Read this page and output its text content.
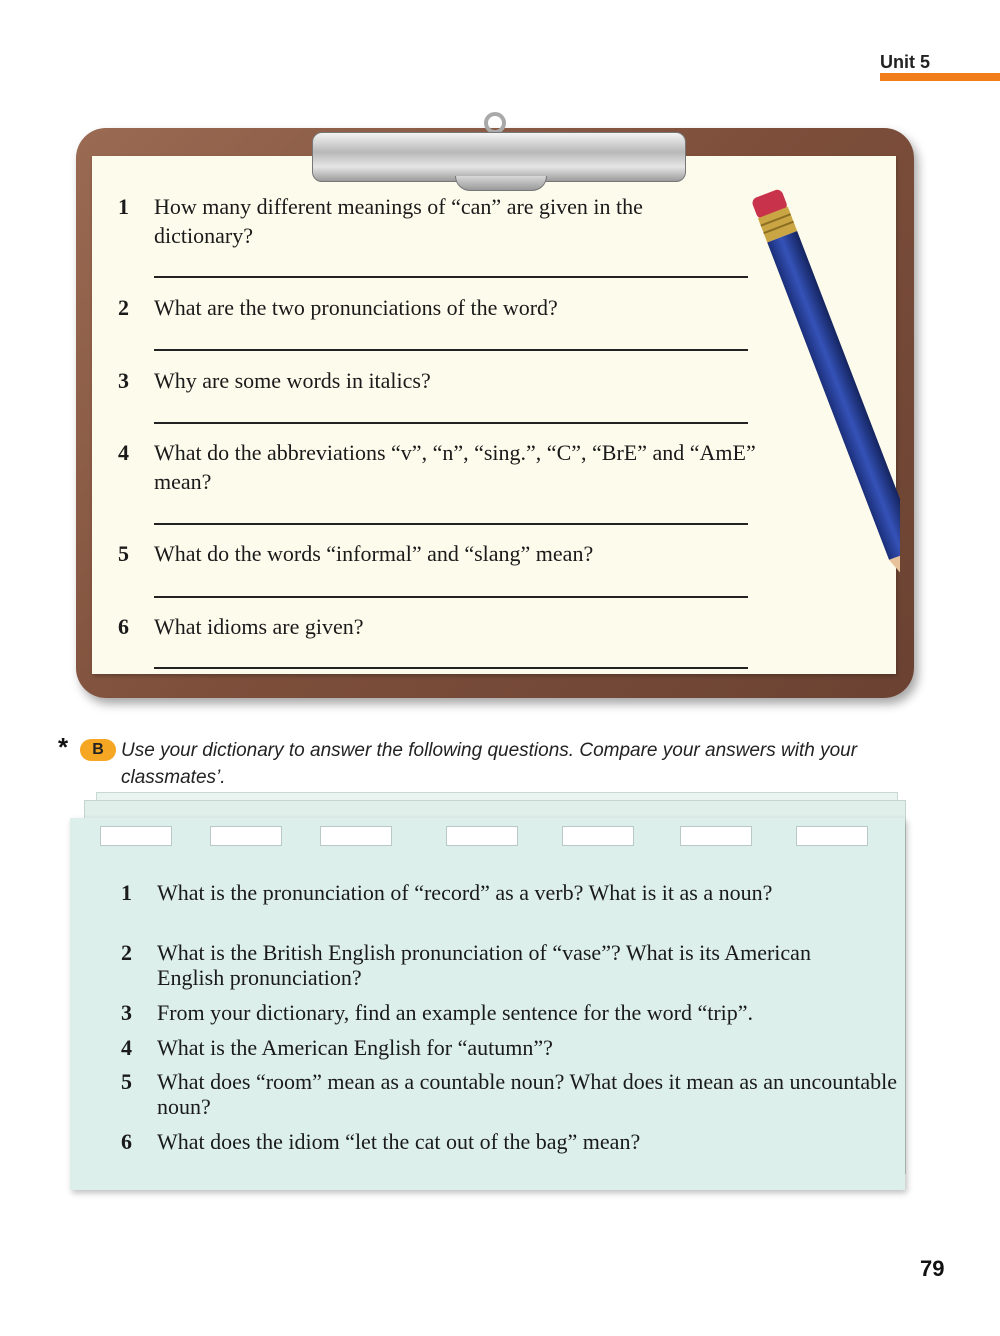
Unit 5
1	How many different meanings of “can” are given in the dictionary?
2	What are the two pronunciations of the word?
3	Why are some words in italics?
4	What do the abbreviations “v”, “n”, “sing.”, “C”, “BrE” and “AmE” mean?
5	What do the words “informal” and “slang” mean?
6	What idioms are given?
*	B Use your dictionary to answer the following questions. Compare your answers with your classmates’.
1	What is the pronunciation of “record” as a verb? What is it as a noun?
2	What is the British English pronunciation of “vase”? What is its American English pronunciation?
3	From your dictionary, find an example sentence for the word “trip”.
4	What is the American English for “autumn”?
5	What does “room” mean as a countable noun? What does it mean as an uncountable noun?
6	What does the idiom “let the cat out of the bag” mean?
79
